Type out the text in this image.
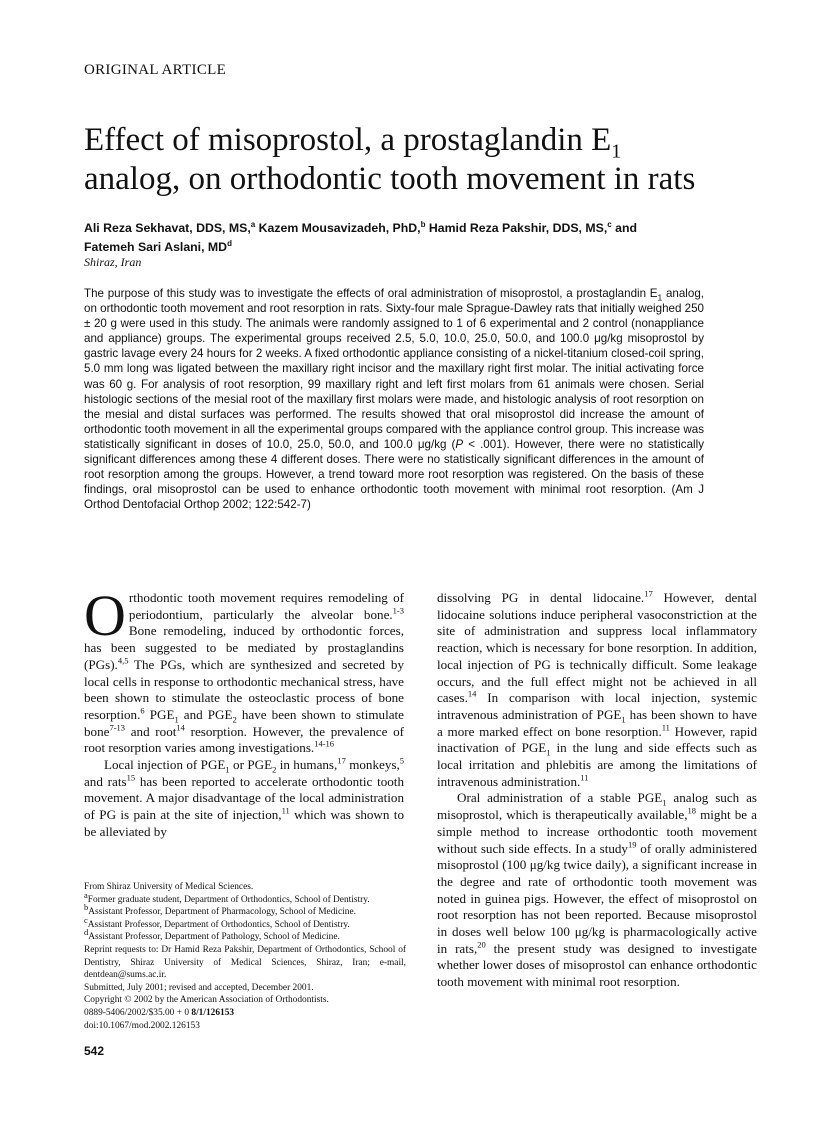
ORIGINAL ARTICLE
Effect of misoprostol, a prostaglandin $E_1$
analog, on orthodontic tooth movement in rats
Ali Reza Sekhavat, DDS, MS,$^a$ Kazem Mousavizadeh, PhD,$^b$ Hamid Reza Pakshir, DDS, MS,$^c$ and
Fatemeh Sari Aslani, $MD^d$
Shiraz, Iran
The purpose of this study was to investigate the effects of oral administration of misoprostol, a prostaglandin $E_1$ analog, on orthodontic tooth movement and root resorption in rats. Sixty-four male Sprague-Dawley rats that initially weighed 250 ± 20 g were used in this study. The animals were randomly assigned to 1 of 6 experimental and 2 control (nonappliance and appliance) groups. The experimental groups received 2.5, 5.0, 10.0, 25.0, 50.0, and 100.0 μg/kg misoprostol by gastric lavage every 24 hours for 2 weeks. A fixed orthodontic appliance consisting of a nickel-titanium closed-coil spring, 5.0 mm long was ligated between the maxillary right incisor and the maxillary right first molar. The initial activating force was 60 g. For analysis of root resorption, 99 maxillary right and left first molars from 61 animals were chosen. Serial histologic sections of the mesial root of the maxillary first molars were made, and histologic analysis of root resorption on the mesial and distal surfaces was performed. The results showed that oral misoprostol did increase the amount of orthodontic tooth movement in all the experimental groups compared with the appliance control group. This increase was statistically significant in doses of 10.0, 25.0, 50.0, and 100.0 μg/kg (P < .001). However, there were no statistically significant differences among these 4 different doses. There were no statistically significant differences in the amount of root resorption among the groups. However, a trend toward more root resorption was registered. On the basis of these findings, oral misoprostol can be used to enhance orthodontic tooth movement with minimal root resorption. (Am J Orthod Dentofacial Orthop 2002; 122:542-7)

Orthodontic tooth movement requires remodeling of periodontium, particularly the alveolar bone.$^{1-3}$ Bone remodeling, induced by orthodontic forces, has been suggested to be mediated by prostaglandins (PGs).$^{4,5}$ The PGs, which are synthesized and secreted by local cells in response to orthodontic mechanical stress, have been shown to stimulate the osteoclastic process of bone resorption.$^6$ $PGE_1$ and $PGE_2$ have been shown to stimulate bone$^{7-13}$ and root$^{14}$ resorption. However, the prevalence of root resorption varies among investigations.$^{14-16}$

Local injection of $PGE_1$ or $PGE_2$ in humans,$^{17}$ monkeys,$^5$ and rats$^{15}$ has been reported to accelerate orthodontic tooth movement. A major disadvantage of the local administration of PG is pain at the site of injection,$^{11}$ which was shown to be alleviated by

dissolving PG in dental lidocaine.$^{17}$ However, dental lidocaine solutions induce peripheral vasoconstriction at the site of administration and suppress local inflammatory reaction, which is necessary for bone resorption. In addition, local injection of PG is technically difficult. Some leakage occurs, and the full effect might not be achieved in all cases.$^{14}$ In comparison with local injection, systemic intravenous administration of $PGE_1$ has been shown to have a more marked effect on bone resorption.$^{11}$ However, rapid inactivation of $PGE_1$ in the lung and side effects such as local irritation and phlebitis are among the limitations of intravenous administration.$^{11}$

Oral administration of a stable $PGE_1$ analog such as misoprostol, which is therapeutically available,$^{18}$ might be a simple method to increase orthodontic tooth movement without such side effects. In a study$^{19}$ of orally administered misoprostol (100 μg/kg twice daily), a significant increase in the degree and rate of orthodontic tooth movement was noted in guinea pigs. However, the effect of misoprostol on root resorption has not been reported. Because misoprostol in doses well below 100 μg/kg is pharmacologically active in rats,$^{20}$ the present study was designed to investigate whether lower doses of misoprostol can enhance orthodontic tooth movement with minimal root resorption.

From Shiraz University of Medical Sciences.
$^a$Former graduate student, Department of Orthodontics, School of Dentistry.
$^b$Assistant Professor, Department of Pharmacology, School of Medicine.
$^c$Assistant Professor, Department of Orthodontics, School of Dentistry.
$^d$Assistant Professor, Department of Pathology, School of Medicine.
Reprint requests to: Dr Hamid Reza Pakshir, Department of Orthodontics, School of Dentistry, Shiraz University of Medical Sciences, Shiraz, Iran; e-mail, dentdean@sums.ac.ir.
Submitted, July 2001; revised and accepted, December 2001.
Copyright © 2002 by the American Association of Orthodontists.
0889-5406/2002/$35.00 + 0 8/1/126153
doi:10.1067/mod.2002.126153
542
